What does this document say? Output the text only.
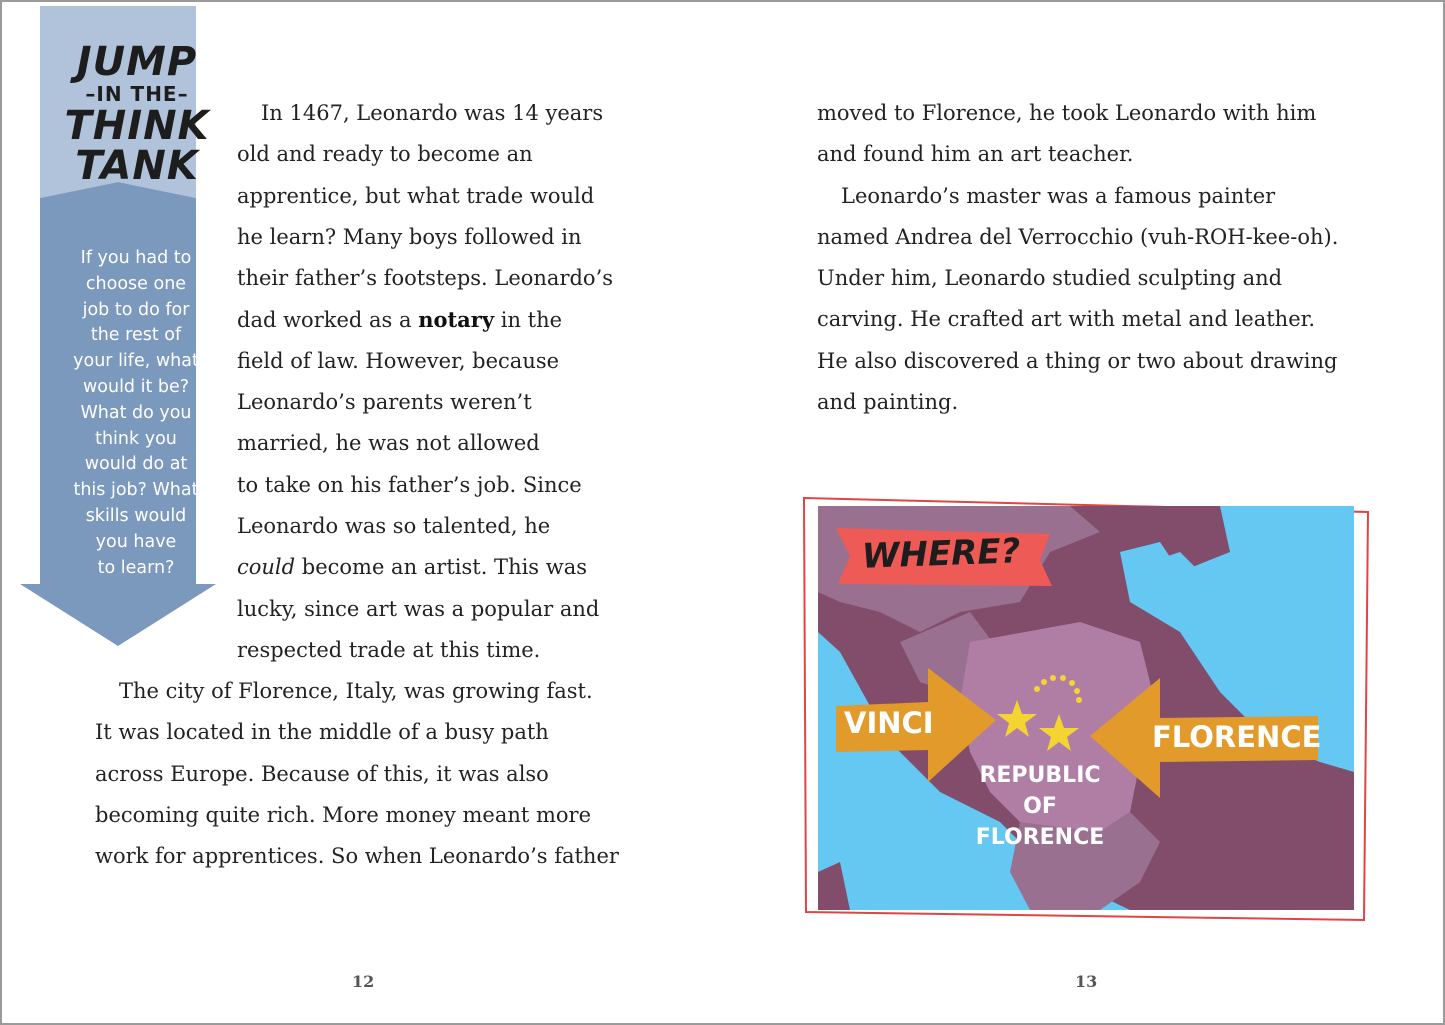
JUMP
–IN THE–
THINK
TANK
If you had to
choose one
job to do for
the rest of
your life, what
would it be?
What do you
think you
would do at
this job? What
skills would
you have
to learn?
In 1467, Leonardo was 14 years
old and ready to become an
apprentice, but what trade would
he learn? Many boys followed in
their father’s footsteps. Leonardo’s
dad worked as a notary in the
field of law. However, because
Leonardo’s parents weren’t
married, he was not allowed
to take on his father’s job. Since
Leonardo was so talented, he
could become an artist. This was
lucky, since art was a popular and
respected trade at this time.
The city of Florence, Italy, was growing fast.
It was located in the middle of a busy path
across Europe. Because of this, it was also
becoming quite rich. More money meant more
work for apprentices. So when Leonardo’s father
moved to Florence, he took Leonardo with him
and found him an art teacher.
Leonardo’s master was a famous painter
named Andrea del Verrocchio (vuh-ROH-kee-oh).
Under him, Leonardo studied sculpting and
carving. He crafted art with metal and leather.
He also discovered a thing or two about drawing
and painting.
WHERE?
VINCI	FLORENCE
REPUBLIC OF FLORENCE
12	13
